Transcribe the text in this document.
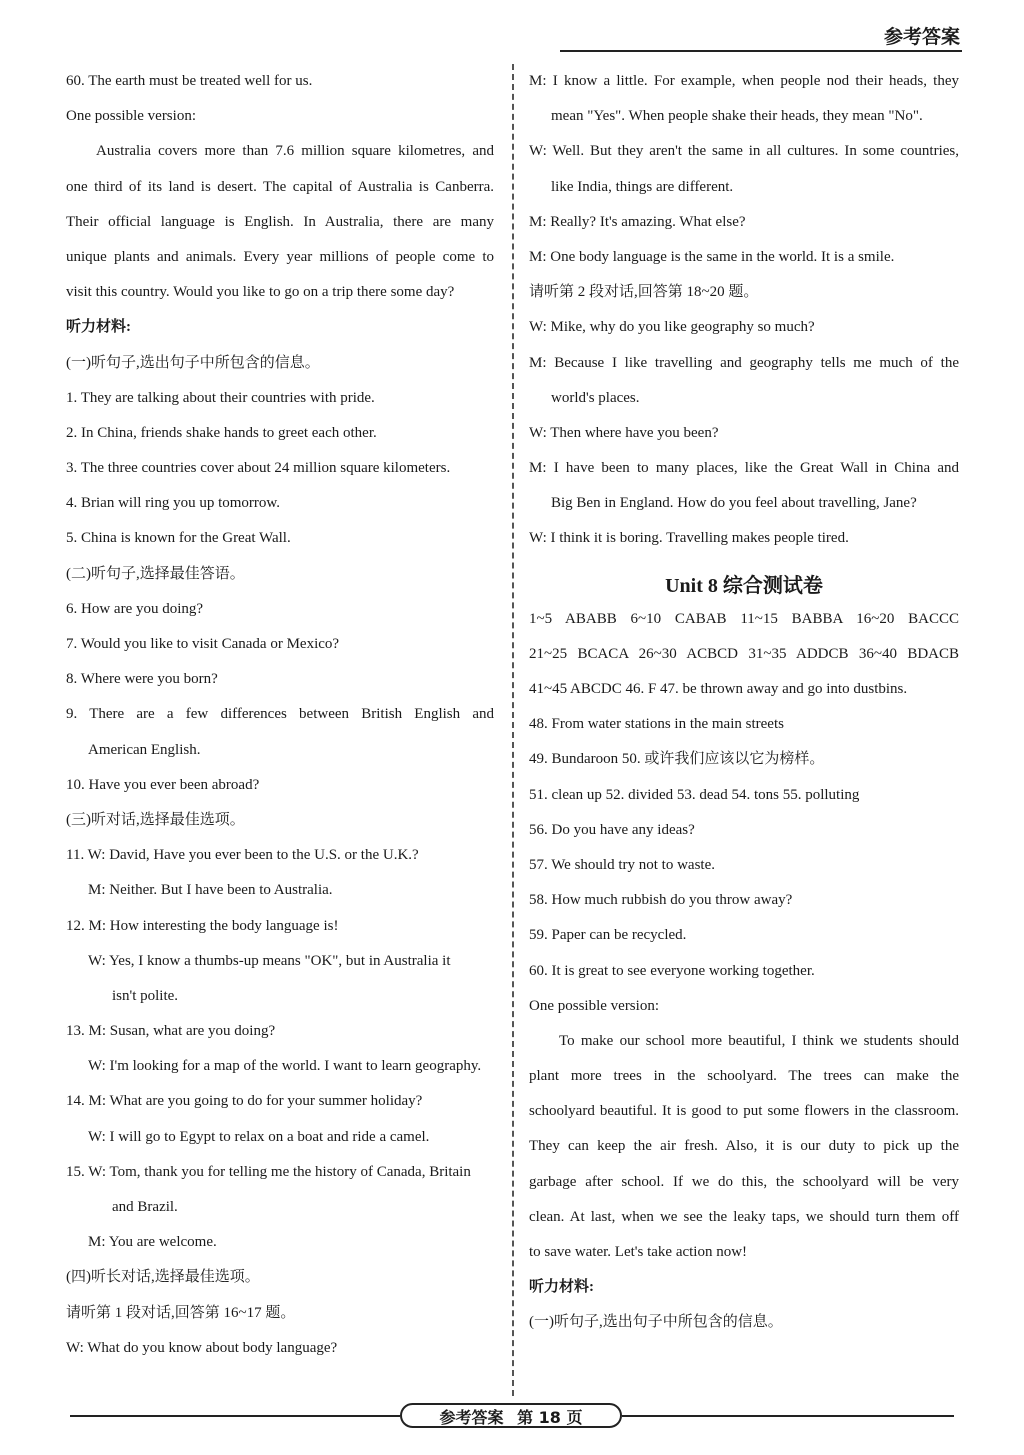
参考答案
60. The earth must be treated well for us.
One possible version:
Australia covers more than 7.6 million square kilometres, and
one third of its land is desert. The capital of Australia is Canberra.
Their official language is English. In Australia, there are many
unique plants and animals. Every year millions of people come to
visit this country. Would you like to go on a trip there some day?
听力材料:
(一)听句子,选出句子中所包含的信息。
1. They are talking about their countries with pride.
2. In China, friends shake hands to greet each other.
3. The three countries cover about 24 million square kilometers.
4. Brian will ring you up tomorrow.
5. China is known for the Great Wall.
(二)听句子,选择最佳答语。
6. How are you doing?
7. Would you like to visit Canada or Mexico?
8. Where were you born?
9. There are a few differences between British English and
American English.
10. Have you ever been abroad?
(三)听对话,选择最佳选项。
11. W: David, Have you ever been to the U.S. or the U.K.?
M: Neither. But I have been to Australia.
12. M: How interesting the body language is!
W: Yes, I know a thumbs-up means "OK", but in Australia it
isn't polite.
13. M: Susan, what are you doing?
W: I'm looking for a map of the world. I want to learn geography.
14. M: What are you going to do for your summer holiday?
W: I will go to Egypt to relax on a boat and ride a camel.
15. W: Tom, thank you for telling me the history of Canada, Britain
and Brazil.
M: You are welcome.
(四)听长对话,选择最佳选项。
请听第 1 段对话,回答第 16~17 题。
W: What do you know about body language?
M: I know a little. For example, when people nod their heads, they
mean "Yes". When people shake their heads, they mean "No".
W: Well. But they aren't the same in all cultures. In some countries,
like India, things are different.
M: Really? It's amazing. What else?
M: One body language is the same in the world. It is a smile.
请听第 2 段对话,回答第 18~20 题。
W: Mike, why do you like geography so much?
M: Because I like travelling and geography tells me much of the
world's places.
W: Then where have you been?
M: I have been to many places, like the Great Wall in China and
Big Ben in England. How do you feel about travelling, Jane?
W: I think it is boring. Travelling makes people tired.
Unit 8 综合测试卷
1~5 ABABB 6~10 CABAB 11~15 BABBA 16~20 BACCC
21~25 BCACA 26~30 ACBCD 31~35 ADDCB 36~40 BDACB
41~45 ABCDC 46. F 47. be thrown away and go into dustbins.
48. From water stations in the main streets
49. Bundaroon 50. 或许我们应该以它为榜样。
51. clean up 52. divided 53. dead 54. tons 55. polluting
56. Do you have any ideas?
57. We should try not to waste.
58. How much rubbish do you throw away?
59. Paper can be recycled.
60. It is great to see everyone working together.
One possible version:
To make our school more beautiful, I think we students should
plant more trees in the schoolyard. The trees can make the
schoolyard beautiful. It is good to put some flowers in the classroom.
They can keep the air fresh. Also, it is our duty to pick up the
garbage after school. If we do this, the schoolyard will be very
clean. At last, when we see the leaky taps, we should turn them off
to save water. Let's take action now!
听力材料:
(一)听句子,选出句子中所包含的信息。
参考答案 第 18 页
